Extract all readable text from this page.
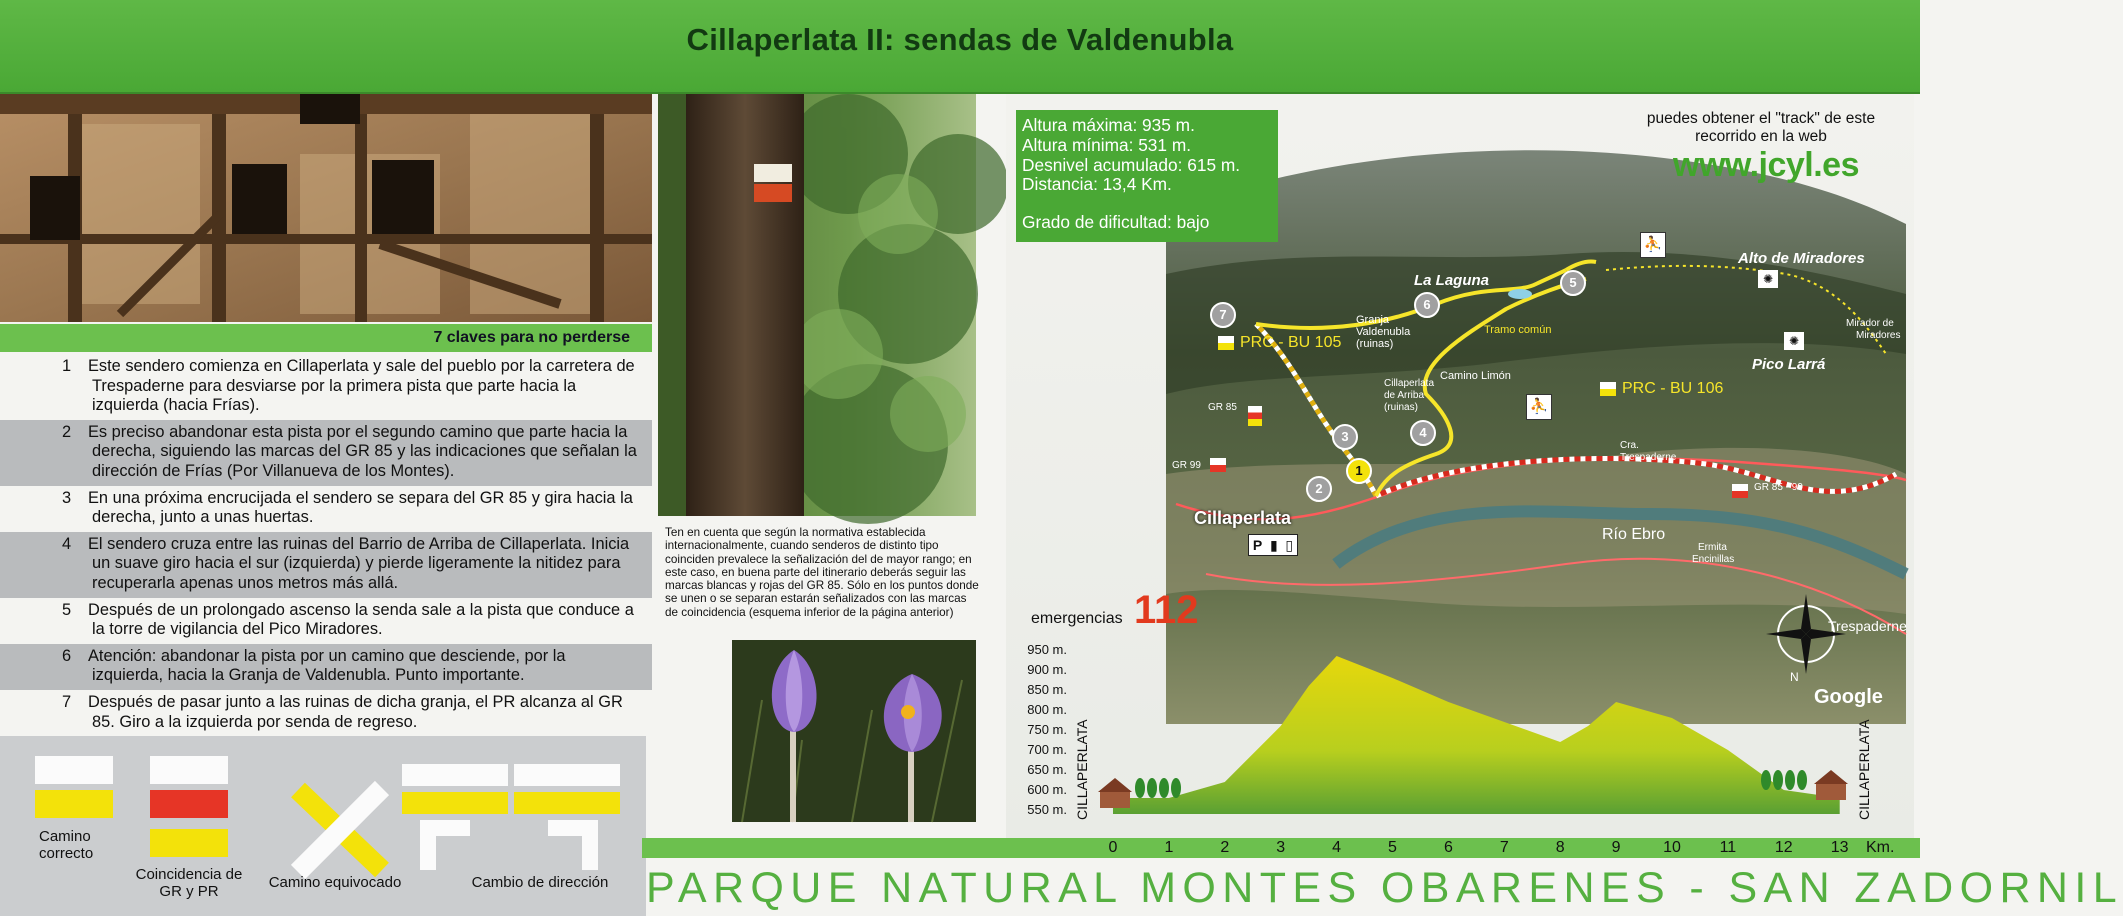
Cillaperlata II: sendas de Valdenubla
7 claves para no perderse
1	Este sendero comienza en Cillaperlata y sale del pueblo por la carretera de Trespaderne para desviarse por la primera pista que parte hacia la izquierda (hacia Frías).
2	Es preciso abandonar esta pista por el segundo camino que parte hacia la derecha, siguiendo las marcas del GR 85 y las indicaciones que señalan la dirección de Frías (Por Villanueva de los Montes).
3	En una próxima encrucijada el sendero se separa del GR 85 y gira hacia la derecha, junto a unas huertas.
4	El sendero cruza entre las ruinas del Barrio de Arriba de Cillaperlata. Inicia un suave giro hacia el sur (izquierda) y pierde ligeramente la nitidez para recuperarla apenas unos metros más allá.
5	Después de un prolongado ascenso la senda sale a la pista que conduce a la torre de vigilancia del Pico Miradores.
6	Atención: abandonar la pista por un camino que desciende, por la izquierda, hacia la Granja de Valdenubla. Punto importante.
7	Después de pasar junto a las ruinas de dicha granja, el PR alcanza al GR 85. Giro a la izquierda por senda de regreso.
Camino correcto
Coincidencia de GR y PR
Camino equivocado	Cambio de dirección
Ten en cuenta que según la normativa establecida internacionalmente, cuando senderos de distinto tipo coinciden prevalece la señalización del de mayor rango; en este caso, en buena parte del itinerario deberás seguir las marcas blancas y rojas del GR 85. Sólo en los puntos donde se unen o se separan estarán señalizados con las marcas de coincidencia (esquema inferior de la página anterior)
La Laguna
Alto de Miradores
Mirador de
Miradores
Pico Larrá
Granja
Valdenubla
(ruinas)
Tramo común
Camino Limón
Cillaperlata
de Arriba
(ruinas)
Cra.
Trespaderne
Río Ebro
Ermita
Encinillas
Cillaperlata
Trespaderne
N
Google
P ▮ ▯
PRC - BU 105
PRC - BU 106
GR 85
GR 99
GR 85 - 99
⛹
⛹
✺
✺
1
2
3	4
5
6
7
Altura máxima: 935 m.
Altura mínima: 531 m.
Desnivel acumulado: 615 m.
Distancia: 13,4 Km.
Grado de dificultad: bajo
puedes obtener el "track" de este recorrido en la web
www.jcyl.es
emergencias 112
950 m.
900 m.
850 m.
800 m.
750 m.
700 m.
650 m.
600 m.
550 m. CILLAPERLATA	CILLAPERLATA
0	1	2	3	4	5	6	7	8	9	10	11	12	13	Km.
PARQUE NATURAL MONTES OBARENES - SAN ZADORNIL
